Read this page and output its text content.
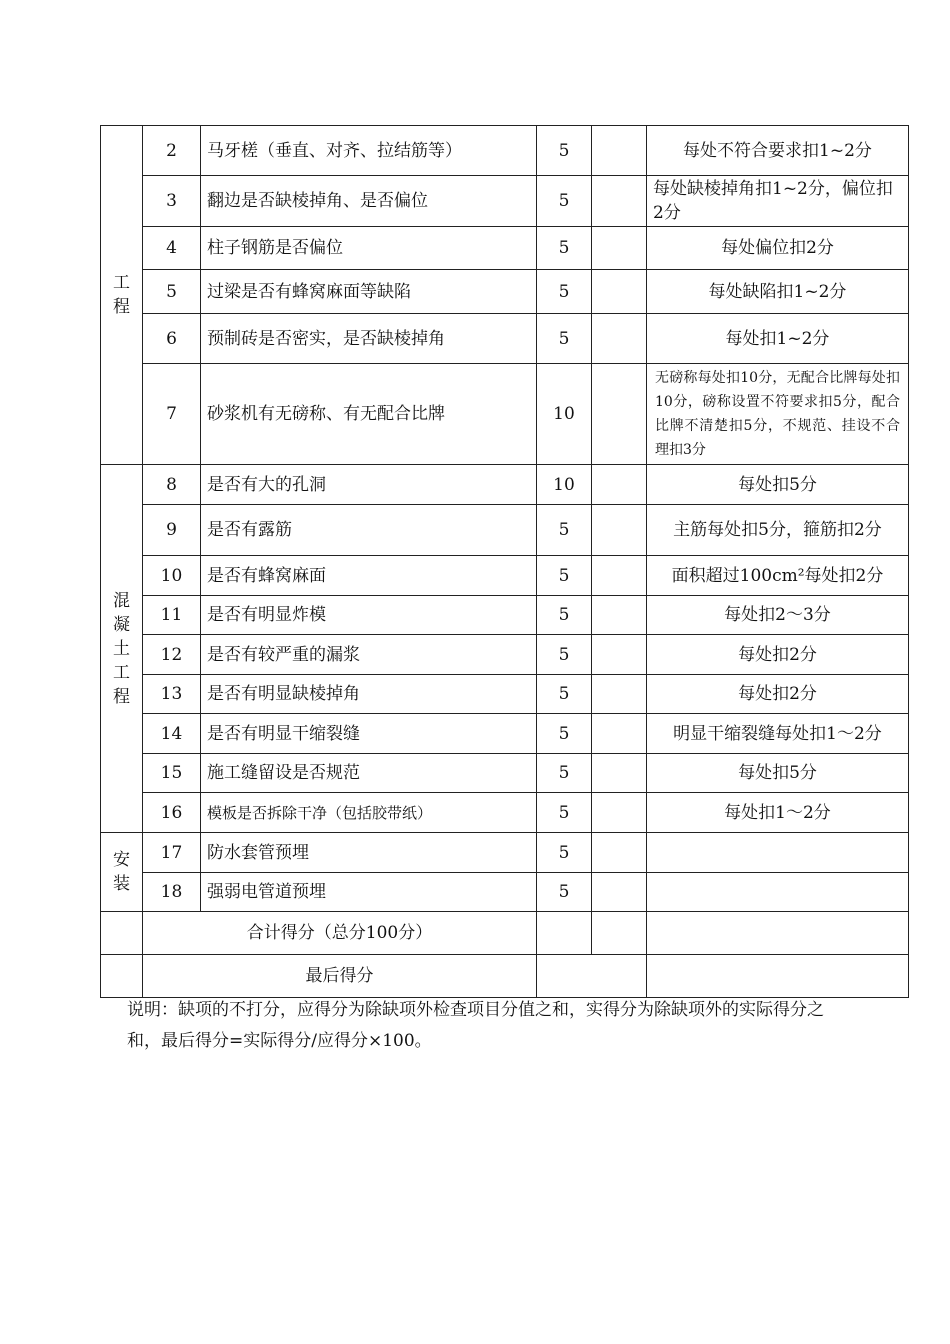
工程	2	马牙槎（垂直、对齐、拉结筋等）	5		每处不符合要求扣1~2分
	3	翻边是否缺棱掉角、是否偏位	5		每处缺棱掉角扣1~2分，偏位扣2分
	4	柱子钢筋是否偏位	5		每处偏位扣2分
	5	过梁是否有蜂窝麻面等缺陷	5		每处缺陷扣1~2分
	6	预制砖是否密实，是否缺棱掉角	5		每处扣1~2分
	7	砂浆机有无磅称、有无配合比牌	10		无磅称每处扣10分，无配合比牌每处扣10分，磅称设置不符要求扣5分，配合比牌不清楚扣5分，不规范、挂设不合理扣3分
混凝土工程	8	是否有大的孔洞	10		每处扣5分
	9	是否有露筋	5		主筋每处扣5分，箍筋扣2分
	10	是否有蜂窝麻面	5		面积超过100cm²每处扣2分
	11	是否有明显炸模	5		每处扣2～3分
	12	是否有较严重的漏浆	5		每处扣2分
	13	是否有明显缺棱掉角	5		每处扣2分
	14	是否有明显干缩裂缝	5		明显干缩裂缝每处扣1～2分
	15	施工缝留设是否规范	5		每处扣5分
	16	模板是否拆除干净（包括胶带纸）	5		每处扣1～2分
安装	17	防水套管预埋	5		
	18	强弱电管道预埋	5		
	合计得分（总分100分）				
	最后得分				
说明：缺项的不打分，应得分为除缺项外检查项目分值之和，实得分为除缺项外的实际得分之和，最后得分=实际得分/应得分×100。
